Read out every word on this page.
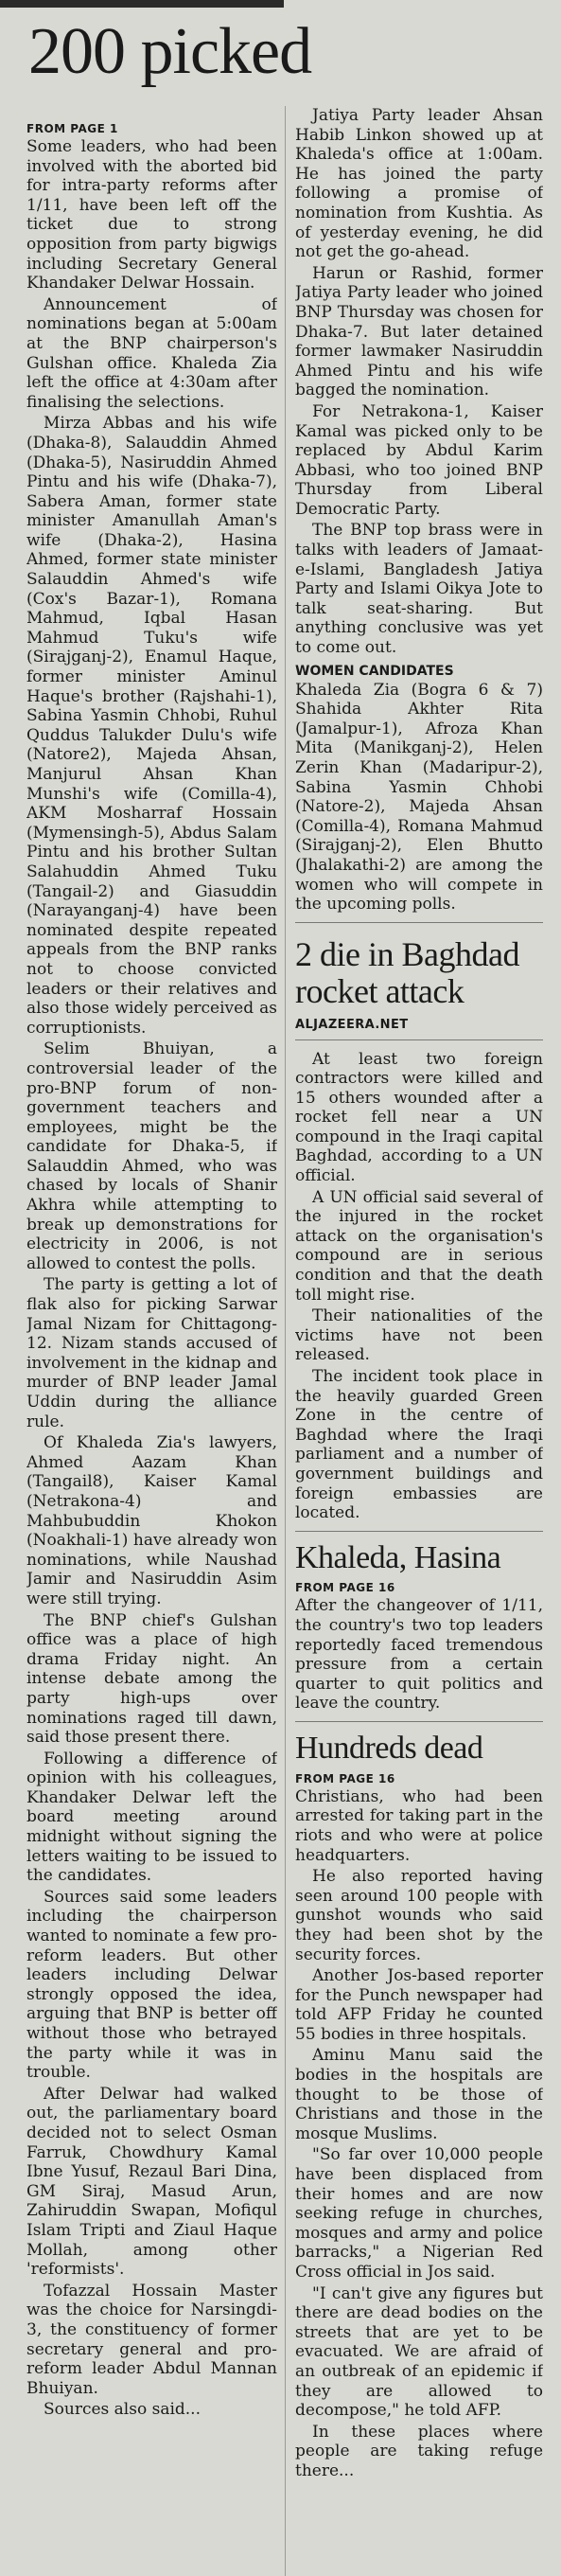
200 picked
FROM PAGE 1

Some leaders, who had been involved with the aborted bid for intra-party reforms after 1/11, have been left off the ticket due to strong opposition from party bigwigs including Secretary General Khandaker Delwar Hossain.

Announcement of nominations began at 5:00am at the BNP chairperson's Gulshan office. Khaleda Zia left the office at 4:30am after finalising the selections.

Mirza Abbas and his wife (Dhaka-8), Salauddin Ahmed (Dhaka-5), Nasiruddin Ahmed Pintu and his wife (Dhaka-7), Sabera Aman, former state minister Amanullah Aman's wife (Dhaka-2), Hasina Ahmed, former state minister Salauddin Ahmed's wife (Cox's Bazar-1), Romana Mahmud, Iqbal Hasan Mahmud Tuku's wife (Sirajganj-2), Enamul Haque, former minister Aminul Haque's brother (Rajshahi-1), Sabina Yasmin Chhobi, Ruhul Quddus Talukder Dulu's wife (Natore2), Majeda Ahsan, Manjurul Ahsan Khan Munshi's wife (Comilla-4), AKM Mosharraf Hossain (Mymensingh-5), Abdus Salam Pintu and his brother Sultan Salahuddin Ahmed Tuku (Tangail-2) and Giasuddin (Narayanganj-4) have been nominated despite repeated appeals from the BNP ranks not to choose convicted leaders or their relatives and also those widely perceived as corruptionists.

Selim Bhuiyan, a controversial leader of the pro-BNP forum of non-government teachers and employees, might be the candidate for Dhaka-5, if Salauddin Ahmed, who was chased by locals of Shanir Akhra while attempting to break up demonstrations for electricity in 2006, is not allowed to contest the polls.

The party is getting a lot of flak also for picking Sarwar Jamal Nizam for Chittagong-12. Nizam stands accused of involvement in the kidnap and murder of BNP leader Jamal Uddin during the alliance rule.

Of Khaleda Zia's lawyers, Ahmed Aazam Khan (Tangail8), Kaiser Kamal (Netrakona-4) and Mahbubuddin Khokon (Noakhali-1) have already won nominations, while Naushad Jamir and Nasiruddin Asim were still trying.

The BNP chief's Gulshan office was a place of high drama Friday night. An intense debate among the party high-ups over nominations raged till dawn, said those present there.

Following a difference of opinion with his colleagues, Khandaker Delwar left the board meeting around midnight without signing the letters waiting to be issued to the candidates.

Sources said some leaders including the chairperson wanted to nominate a few pro-reform leaders. But other leaders including Delwar strongly opposed the idea, arguing that BNP is better off without those who betrayed the party while it was in trouble.

After Delwar had walked out, the parliamentary board decided not to select Osman Farruk, Chowdhury Kamal Ibne Yusuf, Rezaul Bari Dina, GM Siraj, Masud Arun, Zahiruddin Swapan, Mofiqul Islam Tripti and Ziaul Haque Mollah, among other 'reformists'.

Tofazzal Hossain Master was the choice for Narsingdi-3, the constituency of former secretary general and pro-reform leader Abdul Mannan Bhuiyan.

Sources also said...

Jatiya Party leader Ahsan Habib Linkon showed up at Khaleda's office at 1:00am. He has joined the party following a promise of nomination from Kushtia. As of yesterday evening, he did not get the go-ahead.

Harun or Rashid, former Jatiya Party leader who joined BNP Thursday was chosen for Dhaka-7. But later detained former lawmaker Nasiruddin Ahmed Pintu and his wife bagged the nomination.

For Netrakona-1, Kaiser Kamal was picked only to be replaced by Abdul Karim Abbasi, who too joined BNP Thursday from Liberal Democratic Party.

The BNP top brass were in talks with leaders of Jamaat-e-Islami, Bangladesh Jatiya Party and Islami Oikya Jote to talk seat-sharing. But anything conclusive was yet to come out.

WOMEN CANDIDATES

Khaleda Zia (Bogra 6 & 7) Shahida Akhter Rita (Jamalpur-1), Afroza Khan Mita (Manikganj-2), Helen Zerin Khan (Madaripur-2), Sabina Yasmin Chhobi (Natore-2), Majeda Ahsan (Comilla-4), Romana Mahmud (Sirajganj-2), Elen Bhutto (Jhalakathi-2) are among the women who will compete in the upcoming polls.

2 die in Baghdad rocket attack
ALJAZEERA.NET

At least two foreign contractors were killed and 15 others wounded after a rocket fell near a UN compound in the Iraqi capital Baghdad, according to a UN official.

A UN official said several of the injured in the rocket attack on the organisation's compound are in serious condition and that the death toll might rise.

Their nationalities of the victims have not been released.

The incident took place in the heavily guarded Green Zone in the centre of Baghdad where the Iraqi parliament and a number of government buildings and foreign embassies are located.

Khaleda, Hasina
FROM PAGE 16

After the changeover of 1/11, the country's two top leaders reportedly faced tremendous pressure from a certain quarter to quit politics and leave the country.

Hundreds dead
FROM PAGE 16

Christians, who had been arrested for taking part in the riots and who were at police headquarters.

He also reported having seen around 100 people with gunshot wounds who said they had been shot by the security forces.

Another Jos-based reporter for the Punch newspaper had told AFP Friday he counted 55 bodies in three hospitals.

Aminu Manu said the bodies in the hospitals are thought to be those of Christians and those in the mosque Muslims.

"So far over 10,000 people have been displaced from their homes and are now seeking refuge in churches, mosques and army and police barracks," a Nigerian Red Cross official in Jos said.

"I can't give any figures but there are dead bodies on the streets that are yet to be evacuated. We are afraid of an outbreak of an epidemic if they are allowed to decompose," he told AFP.

In these places where people are taking refuge there...
